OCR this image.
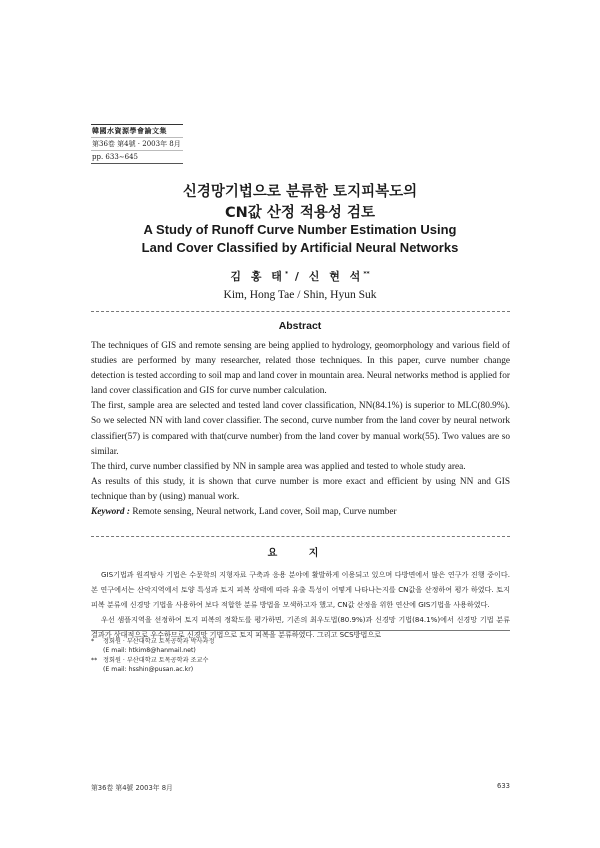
韓國水資源學會論文集
第36卷 第4號 · 2003年 8月
pp. 633∼645
신경망기법으로 분류한 토지피복도의
CN값 산정 적용성 검토
A Study of Runoff Curve Number Estimation Using
Land Cover Classified by Artificial Neural Networks
김 홍 태* / 신 현 석**
Kim, Hong Tae / Shin, Hyun Suk
Abstract

The techniques of GIS and remote sensing are being applied to hydrology, geomorphology and various field of studies are performed by many researcher, related those techniques. In this paper, curve number change detection is tested according to soil map and land cover in mountain area. Neural networks method is applied for land cover classification and GIS for curve number calculation.

The first, sample area are selected and tested land cover classification, NN(84.1%) is superior to MLC(80.9%). So we selected NN with land cover classifier. The second, curve number from the land cover by neural network classifier(57) is compared with that(curve number) from the land cover by manual work(55). Two values are so similar.

The third, curve number classified by NN in sample area was applied and tested to whole study area.

As results of this study, it is shown that curve number is more exact and efficient by using NN and GIS technique than by (using) manual work.

Keyword : Remote sensing, Neural network, Land cover, Soil map, Curve number

요 지

GIS기법과 원격탐사 기법은 수문학의 지형자료 구축과 응용 분야에 활발하게 이용되고 있으며 다방면에서 많은 연구가 진행 중이다. 본 연구에서는 산악지역에서 토양 특성과 토지 피복 상태에 따라 유출 특성이 어떻게 나타나는지를 CN값을 산정하여 평가 하였다. 토지 피복 분류에 신경망 기법을 사용하여 보다 적합한 분류 방법을 모색하고자 했고, CN값 산정을 위한 연산에 GIS기법을 사용하였다.

우선 샘플지역을 선정하여 토지 피복의 정확도를 평가하면, 기존의 최우도법(80.9%)과 신경망 기법(84.1%)에서 신경망 기법 분류 결과가 상대적으로 우수하므로 신경망 기법으로 토지 피복을 분류하였다. 그리고 SCS방법으로

*	정회원 · 부산대학교 토목공학과 박사과정
(E mail: htkim8@hanmail.net)
** 정회원 · 부산대학교 토목공학과 조교수
(E mail: hsshin@pusan.ac.kr)
第36卷 第4號 2003年 8月	633
